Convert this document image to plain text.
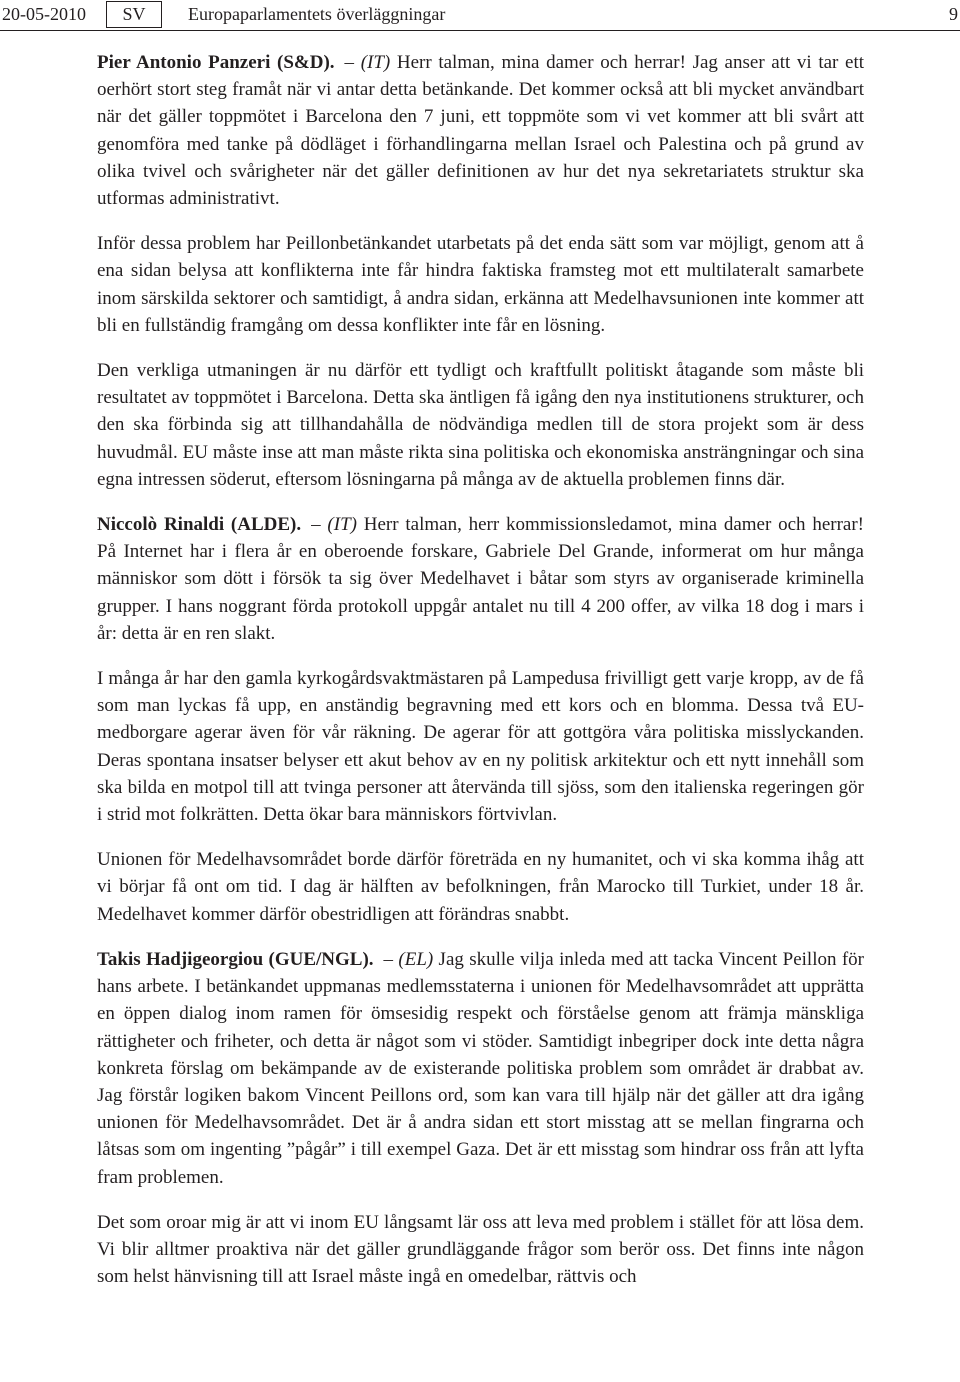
20-05-2010	SV	Europaparlamentets överläggningar	9

Pier Antonio Panzeri (S&D). – (IT) Herr talman, mina damer och herrar! Jag anser att vi tar ett oerhört stort steg framåt när vi antar detta betänkande. Det kommer också att bli mycket användbart när det gäller toppmötet i Barcelona den 7 juni, ett toppmöte som vi vet kommer att bli svårt att genomföra med tanke på dödläget i förhandlingarna mellan Israel och Palestina och på grund av olika tvivel och svårigheter när det gäller definitionen av hur det nya sekretariatets struktur ska utformas administrativt.

Inför dessa problem har Peillonbetänkandet utarbetats på det enda sätt som var möjligt, genom att å ena sidan belysa att konflikterna inte får hindra faktiska framsteg mot ett multilateralt samarbete inom särskilda sektorer och samtidigt, å andra sidan, erkänna att Medelhavsunionen inte kommer att bli en fullständig framgång om dessa konflikter inte får en lösning.

Den verkliga utmaningen är nu därför ett tydligt och kraftfullt politiskt åtagande som måste bli resultatet av toppmötet i Barcelona. Detta ska äntligen få igång den nya institutionens strukturer, och den ska förbinda sig att tillhandahålla de nödvändiga medlen till de stora projekt som är dess huvudmål. EU måste inse att man måste rikta sina politiska och ekonomiska ansträngningar och sina egna intressen söderut, eftersom lösningarna på många av de aktuella problemen finns där.

Niccolò Rinaldi (ALDE). – (IT) Herr talman, herr kommissionsledamot, mina damer och herrar! På Internet har i flera år en oberoende forskare, Gabriele Del Grande, informerat om hur många människor som dött i försök ta sig över Medelhavet i båtar som styrs av organiserade kriminella grupper. I hans noggrant förda protokoll uppgår antalet nu till 4 200 offer, av vilka 18 dog i mars i år: detta är en ren slakt.

I många år har den gamla kyrkogårdsvaktmästaren på Lampedusa frivilligt gett varje kropp, av de få som man lyckas få upp, en anständig begravning med ett kors och en blomma. Dessa två EU-medborgare agerar även för vår räkning. De agerar för att gottgöra våra politiska misslyckanden. Deras spontana insatser belyser ett akut behov av en ny politisk arkitektur och ett nytt innehåll som ska bilda en motpol till att tvinga personer att återvända till sjöss, som den italienska regeringen gör i strid mot folkrätten. Detta ökar bara människors förtvivlan.

Unionen för Medelhavsområdet borde därför företräda en ny humanitet, och vi ska komma ihåg att vi börjar få ont om tid. I dag är hälften av befolkningen, från Marocko till Turkiet, under 18 år. Medelhavet kommer därför obestridligen att förändras snabbt.

Takis Hadjigeorgiou (GUE/NGL). – (EL) Jag skulle vilja inleda med att tacka Vincent Peillon för hans arbete. I betänkandet uppmanas medlemsstaterna i unionen för Medelhavsområdet att upprätta en öppen dialog inom ramen för ömsesidig respekt och förståelse genom att främja mänskliga rättigheter och friheter, och detta är något som vi stöder. Samtidigt inbegriper dock inte detta några konkreta förslag om bekämpande av de existerande politiska problem som området är drabbat av. Jag förstår logiken bakom Vincent Peillons ord, som kan vara till hjälp när det gäller att dra igång unionen för Medelhavsområdet. Det är å andra sidan ett stort misstag att se mellan fingrarna och låtsas som om ingenting ”pågår” i till exempel Gaza. Det är ett misstag som hindrar oss från att lyfta fram problemen.

Det som oroar mig är att vi inom EU långsamt lär oss att leva med problem i stället för att lösa dem. Vi blir alltmer proaktiva när det gäller grundläggande frågor som berör oss. Det finns inte någon som helst hänvisning till att Israel måste ingå en omedelbar, rättvis och
